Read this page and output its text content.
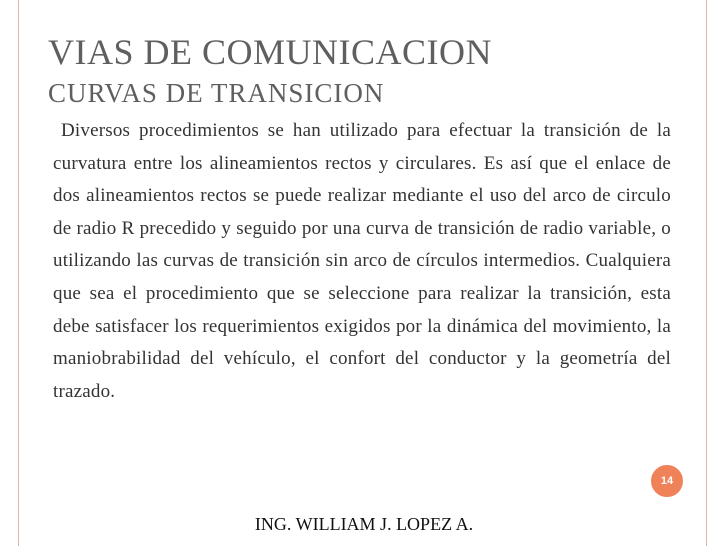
VIAS DE COMUNICACION
CURVAS DE TRANSICION

Diversos procedimientos se han utilizado para efectuar la transición de la curvatura entre los alineamientos rectos y circulares. Es así que el enlace de dos alineamientos rectos se puede realizar mediante el uso del arco de circulo de radio R precedido y seguido por una curva de transición de radio variable, o utilizando las curvas de transición sin arco de círculos intermedios. Cualquiera que sea el procedimiento que se seleccione para realizar la transición, esta debe satisfacer los requerimientos exigidos por la dinámica del movimiento, la maniobrabilidad del vehículo, el confort del conductor y la geometría del trazado.

14
ING. WILLIAM J. LOPEZ A.
